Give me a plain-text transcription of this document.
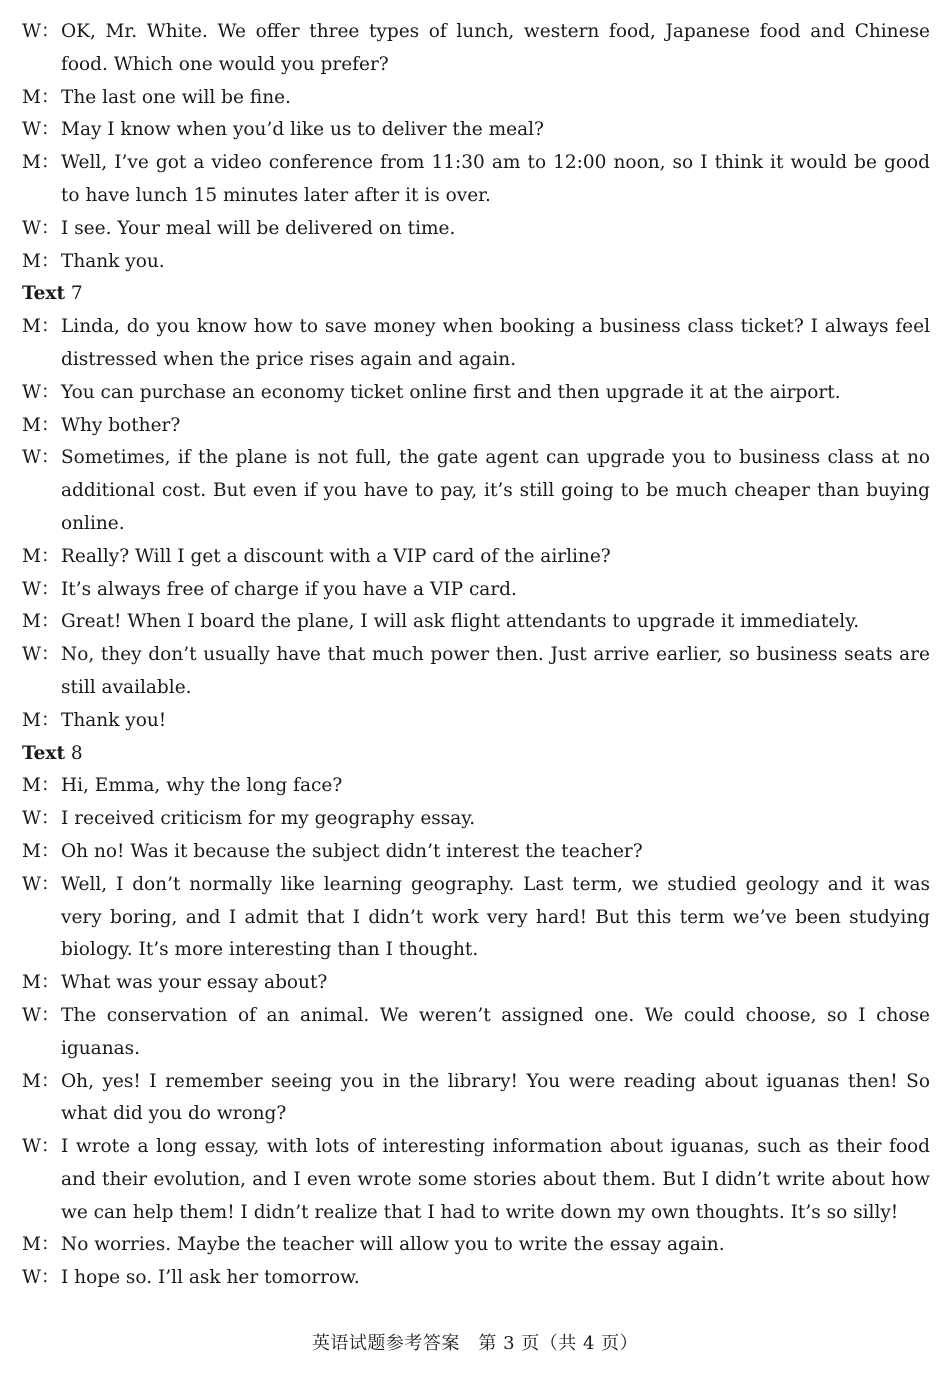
W： OK, Mr. White. We offer three types of lunch, western food, Japanese food and Chinese food. Which one would you prefer?
M： The last one will be fine.
W： May I know when you’d like us to deliver the meal?
M： Well, I’ve got a video conference from 11:30 am to 12:00 noon, so I think it would be good to have lunch 15 minutes later after it is over.
W： I see. Your meal will be delivered on time.
M： Thank you.
Text 7
M： Linda, do you know how to save money when booking a business class ticket? I always feel distressed when the price rises again and again.
W： You can purchase an economy ticket online first and then upgrade it at the airport.
M： Why bother?
W： Sometimes, if the plane is not full, the gate agent can upgrade you to business class at no additional cost. But even if you have to pay, it’s still going to be much cheaper than buying online.
M： Really? Will I get a discount with a VIP card of the airline?
W： It’s always free of charge if you have a VIP card.
M： Great! When I board the plane, I will ask flight attendants to upgrade it immediately.
W： No, they don’t usually have that much power then. Just arrive earlier, so business seats are still available.
M： Thank you!
Text 8
M： Hi, Emma, why the long face?
W： I received criticism for my geography essay.
M： Oh no! Was it because the subject didn’t interest the teacher?
W： Well, I don’t normally like learning geography. Last term, we studied geology and it was very boring, and I admit that I didn’t work very hard! But this term we’ve been studying biology. It’s more interesting than I thought.
M： What was your essay about?
W： The conservation of an animal. We weren’t assigned one. We could choose, so I chose iguanas.
M： Oh, yes! I remember seeing you in the library! You were reading about iguanas then! So what did you do wrong?
W： I wrote a long essay, with lots of interesting information about iguanas, such as their food and their evolution, and I even wrote some stories about them. But I didn’t write about how we can help them! I didn’t realize that I had to write down my own thoughts. It’s so silly!
M： No worries. Maybe the teacher will allow you to write the essay again.
W： I hope so. I’ll ask her tomorrow.
英语试题参考答案　第 3 页（共 4 页）
